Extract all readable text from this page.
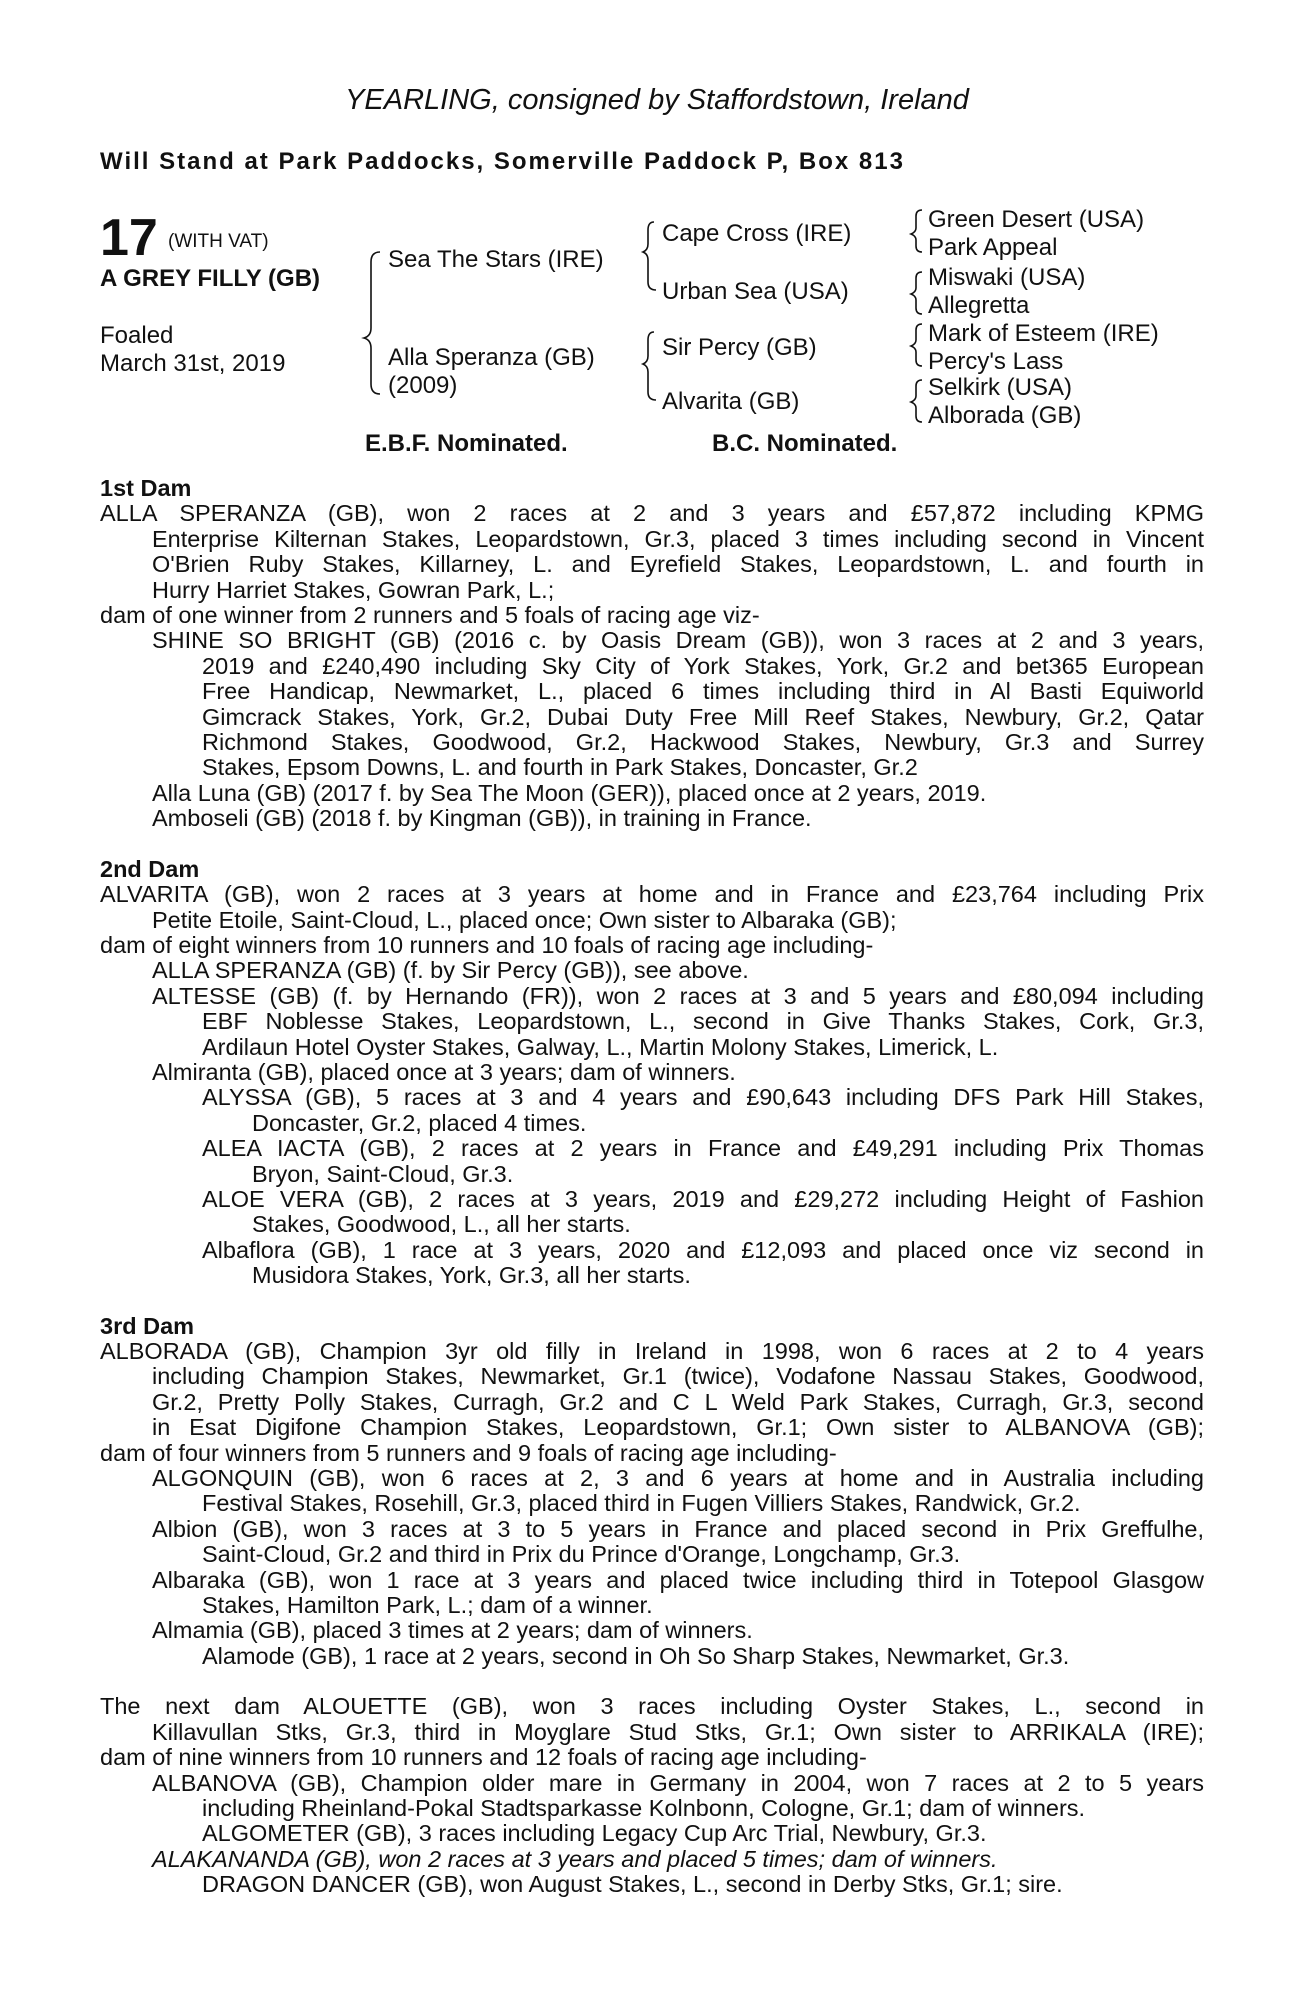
YEARLING, consigned by Staffordstown, Ireland
Will Stand at Park Paddocks, Somerville Paddock P, Box 813
17 (WITH VAT)
A GREY FILLY (GB)
Foaled
March 31st, 2019
Sea The Stars (IRE)
Alla Speranza (GB)
(2009)
Cape Cross (IRE)
Urban Sea (USA)
Sir Percy (GB)
Alvarita (GB)
Green Desert (USA)
Park Appeal
Miswaki (USA)
Allegretta
Mark of Esteem (IRE)
Percy's Lass
Selkirk (USA)
Alborada (GB)
E.B.F. Nominated.	B.C. Nominated.
1st Dam
ALLA SPERANZA (GB), won 2 races at 2 and 3 years and £57,872 including KPMG
Enterprise Kilternan Stakes, Leopardstown, Gr.3, placed 3 times including second in Vincent
O'Brien Ruby Stakes, Killarney, L. and Eyrefield Stakes, Leopardstown, L. and fourth in
Hurry Harriet Stakes, Gowran Park, L.;
dam of one winner from 2 runners and 5 foals of racing age viz-
SHINE SO BRIGHT (GB) (2016 c. by Oasis Dream (GB)), won 3 races at 2 and 3 years,
2019 and £240,490 including Sky City of York Stakes, York, Gr.2 and bet365 European
Free Handicap, Newmarket, L., placed 6 times including third in Al Basti Equiworld
Gimcrack Stakes, York, Gr.2, Dubai Duty Free Mill Reef Stakes, Newbury, Gr.2, Qatar
Richmond Stakes, Goodwood, Gr.2, Hackwood Stakes, Newbury, Gr.3 and Surrey
Stakes, Epsom Downs, L. and fourth in Park Stakes, Doncaster, Gr.2
Alla Luna (GB) (2017 f. by Sea The Moon (GER)), placed once at 2 years, 2019.
Amboseli (GB) (2018 f. by Kingman (GB)), in training in France.
2nd Dam
ALVARITA (GB), won 2 races at 3 years at home and in France and £23,764 including Prix
Petite Etoile, Saint-Cloud, L., placed once; Own sister to Albaraka (GB);
dam of eight winners from 10 runners and 10 foals of racing age including-
ALLA SPERANZA (GB) (f. by Sir Percy (GB)), see above.
ALTESSE (GB) (f. by Hernando (FR)), won 2 races at 3 and 5 years and £80,094 including
EBF Noblesse Stakes, Leopardstown, L., second in Give Thanks Stakes, Cork, Gr.3,
Ardilaun Hotel Oyster Stakes, Galway, L., Martin Molony Stakes, Limerick, L.
Almiranta (GB), placed once at 3 years; dam of winners.
ALYSSA (GB), 5 races at 3 and 4 years and £90,643 including DFS Park Hill Stakes,
Doncaster, Gr.2, placed 4 times.
ALEA IACTA (GB), 2 races at 2 years in France and £49,291 including Prix Thomas
Bryon, Saint-Cloud, Gr.3.
ALOE VERA (GB), 2 races at 3 years, 2019 and £29,272 including Height of Fashion
Stakes, Goodwood, L., all her starts.
Albaflora (GB), 1 race at 3 years, 2020 and £12,093 and placed once viz second in
Musidora Stakes, York, Gr.3, all her starts.
3rd Dam
ALBORADA (GB), Champion 3yr old filly in Ireland in 1998, won 6 races at 2 to 4 years
including Champion Stakes, Newmarket, Gr.1 (twice), Vodafone Nassau Stakes, Goodwood,
Gr.2, Pretty Polly Stakes, Curragh, Gr.2 and C L Weld Park Stakes, Curragh, Gr.3, second
in Esat Digifone Champion Stakes, Leopardstown, Gr.1; Own sister to ALBANOVA (GB);
dam of four winners from 5 runners and 9 foals of racing age including-
ALGONQUIN (GB), won 6 races at 2, 3 and 6 years at home and in Australia including
Festival Stakes, Rosehill, Gr.3, placed third in Fugen Villiers Stakes, Randwick, Gr.2.
Albion (GB), won 3 races at 3 to 5 years in France and placed second in Prix Greffulhe,
Saint-Cloud, Gr.2 and third in Prix du Prince d'Orange, Longchamp, Gr.3.
Albaraka (GB), won 1 race at 3 years and placed twice including third in Totepool Glasgow
Stakes, Hamilton Park, L.; dam of a winner.
Almamia (GB), placed 3 times at 2 years; dam of winners.
Alamode (GB), 1 race at 2 years, second in Oh So Sharp Stakes, Newmarket, Gr.3.
The next dam ALOUETTE (GB), won 3 races including Oyster Stakes, L., second in
Killavullan Stks, Gr.3, third in Moyglare Stud Stks, Gr.1; Own sister to ARRIKALA (IRE);
dam of nine winners from 10 runners and 12 foals of racing age including-
ALBANOVA (GB), Champion older mare in Germany in 2004, won 7 races at 2 to 5 years
including Rheinland-Pokal Stadtsparkasse Kolnbonn, Cologne, Gr.1; dam of winners.
ALGOMETER (GB), 3 races including Legacy Cup Arc Trial, Newbury, Gr.3.
ALAKANANDA (GB), won 2 races at 3 years and placed 5 times; dam of winners.
DRAGON DANCER (GB), won August Stakes, L., second in Derby Stks, Gr.1; sire.
